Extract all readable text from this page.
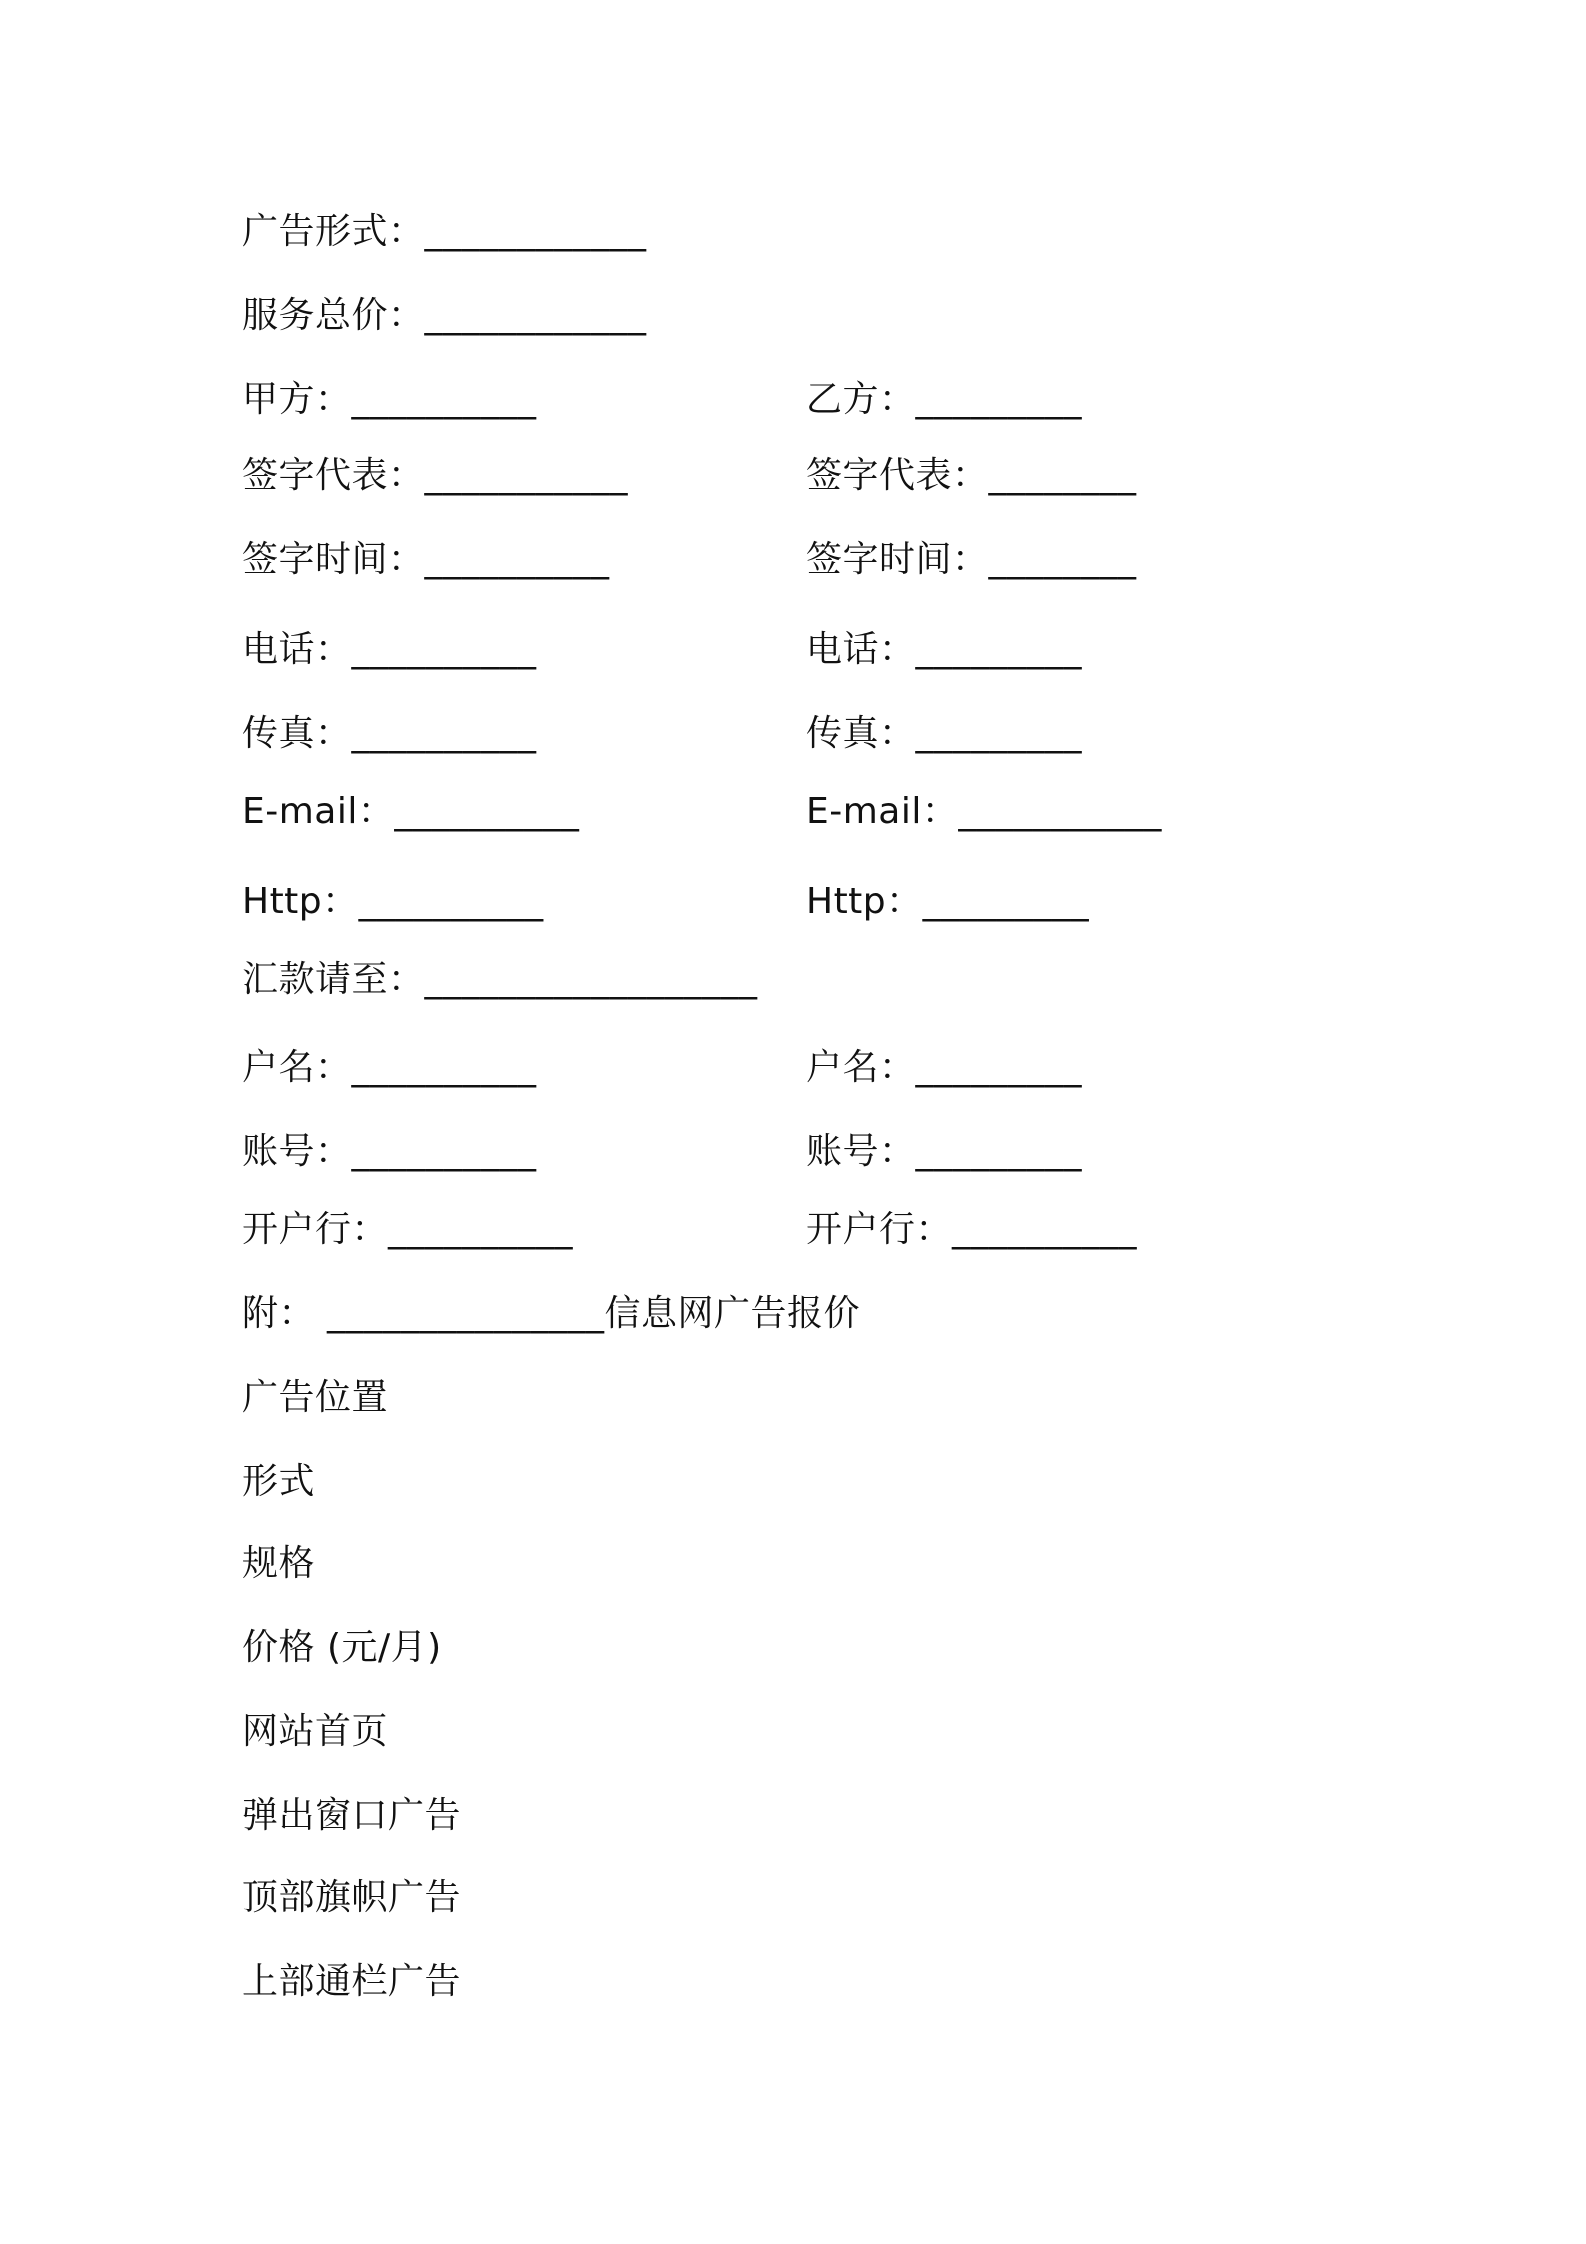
广告形式：____________
服务总价：____________
甲方：__________	乙方：_________
签字代表：___________	签字代表：________
签字时间：__________	签字时间：________
电话：__________	电话：_________
传真：__________	传真：_________
E-mail：__________	E-mail：___________
Http：__________	Http：_________
汇款请至：__________________
户名：__________	户名：_________
账号：__________	账号：_________
开户行：__________	开户行：__________
附： _______________信息网广告报价
广告位置
形式
规格
价格 (元/月)
网站首页
弹出窗口广告
顶部旗帜广告
上部通栏广告
